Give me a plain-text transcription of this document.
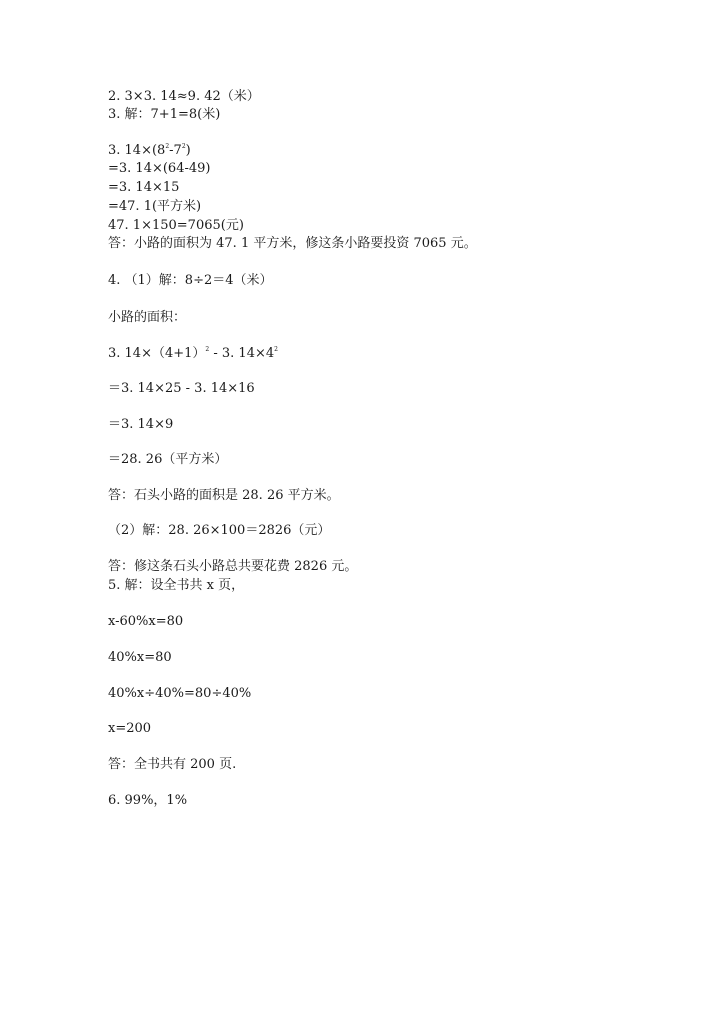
2. 3×3. 14≈9. 42（米）
3. 解：7+1=8(米)
3. $14\times(8^2-7^2)$
=3. 14×(64-49)
=3. 14×15
=47. 1(平方米)
47. 1×150=7065(元)
答：小路的面积为 47. 1 平方米，修这条小路要投资 7065 元。
4. （1）解：8÷2＝4（米）
小路的面积：
3. $14\times(4+1)^2 - 3$. $14\times 4^2$
＝3. 14×25 - 3. 14×16
＝3. 14×9
＝28. 26（平方米）
答：石头小路的面积是 28. 26 平方米。
（2）解：28. 26×100＝2826（元）
答：修这条石头小路总共要花费 2826 元。
5. 解：设全书共 x 页，
x-60%x=80
40%x=80
40%x÷40%=80÷40%
x=200
答：全书共有 200 页.
6. 99%，1%
